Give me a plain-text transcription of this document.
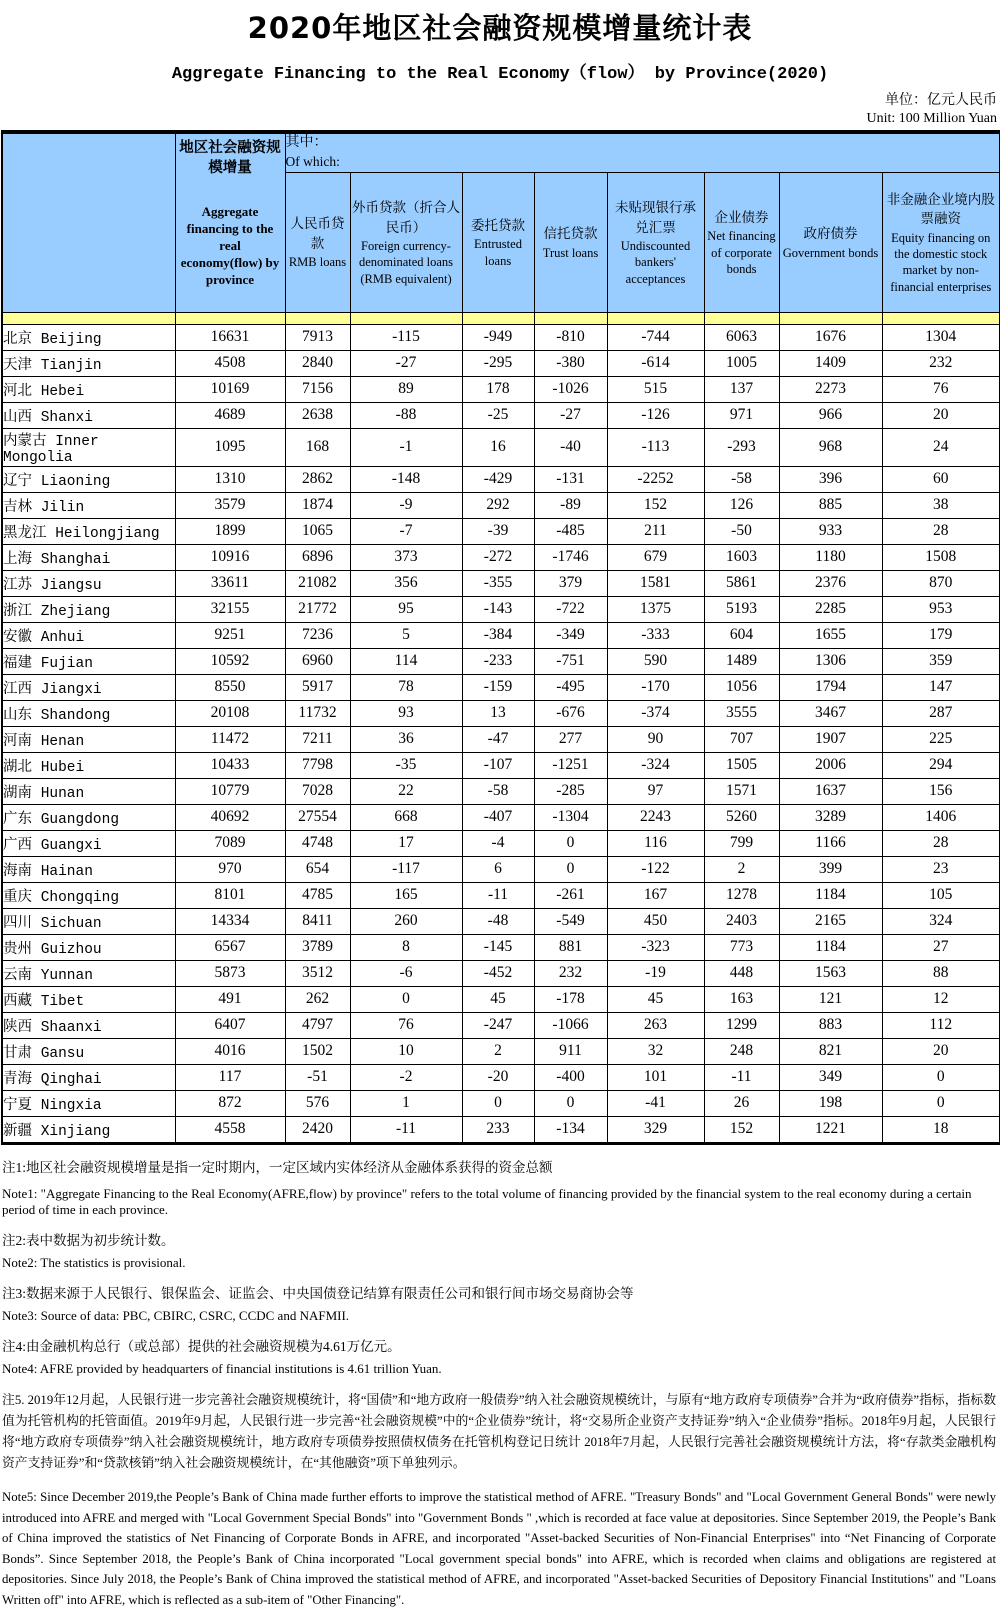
2020年地区社会融资规模增量统计表
Aggregate Financing to the Real Economy（flow） by Province(2020)
单位：亿元人民币
Unit: 100 Million Yuan

地区社会融资规模增量
Aggregate financing to the real economy(flow) by province

其中：
Of which:

人民币贷款
RMB loans

外币贷款（折合人民币）
Foreign currency-denominated loans (RMB equivalent)

委托贷款
Entrusted loans

信托贷款
Trust loans

未贴现银行承兑汇票
Undiscounted bankers' acceptances

企业债券
Net financing of corporate bonds

政府债券
Government bonds

非金融企业境内股票融资
Equity financing on the domestic stock market by non-financial enterprises

北京 Beijing	16631	7913	-115	-949	-810	-744	6063	1676	1304
天津 Tianjin	4508	2840	-27	-295	-380	-614	1005	1409	232
河北 Hebei	10169	7156	89	178	-1026	515	137	2273	76
山西 Shanxi	4689	2638	-88	-25	-27	-126	971	966	20
内蒙古 Inner Mongolia	1095	168	-1	16	-40	-113	-293	968	24
辽宁 Liaoning	1310	2862	-148	-429	-131	-2252	-58	396	60
吉林 Jilin	3579	1874	-9	292	-89	152	126	885	38
黑龙江 Heilongjiang	1899	1065	-7	-39	-485	211	-50	933	28
上海 Shanghai	10916	6896	373	-272	-1746	679	1603	1180	1508
江苏 Jiangsu	33611	21082	356	-355	379	1581	5861	2376	870
浙江 Zhejiang	32155	21772	95	-143	-722	1375	5193	2285	953
安徽 Anhui	9251	7236	5	-384	-349	-333	604	1655	179
福建 Fujian	10592	6960	114	-233	-751	590	1489	1306	359
江西 Jiangxi	8550	5917	78	-159	-495	-170	1056	1794	147
山东 Shandong	20108	11732	93	13	-676	-374	3555	3467	287
河南 Henan	11472	7211	36	-47	277	90	707	1907	225
湖北 Hubei	10433	7798	-35	-107	-1251	-324	1505	2006	294
湖南 Hunan	10779	7028	22	-58	-285	97	1571	1637	156
广东 Guangdong	40692	27554	668	-407	-1304	2243	5260	3289	1406
广西 Guangxi	7089	4748	17	-4	0	116	799	1166	28
海南 Hainan	970	654	-117	6	0	-122	2	399	23
重庆 Chongqing	8101	4785	165	-11	-261	167	1278	1184	105
四川 Sichuan	14334	8411	260	-48	-549	450	2403	2165	324
贵州 Guizhou	6567	3789	8	-145	881	-323	773	1184	27
云南 Yunnan	5873	3512	-6	-452	232	-19	448	1563	88
西藏 Tibet	491	262	0	45	-178	45	163	121	12
陕西 Shaanxi	6407	4797	76	-247	-1066	263	1299	883	112
甘肃 Gansu	4016	1502	10	2	911	32	248	821	20
青海 Qinghai	117	-51	-2	-20	-400	101	-11	349	0
宁夏 Ningxia	872	576	1	0	0	-41	26	198	0
新疆 Xinjiang	4558	2420	-11	233	-134	329	152	1221	18

注1:地区社会融资规模增量是指一定时期内，一定区域内实体经济从金融体系获得的资金总额

Note1: "Aggregate Financing to the Real Economy(AFRE,flow) by province" refers to the total volume of financing provided by the financial system to the real economy during a certain period of time in each province.

注2:表中数据为初步统计数。

Note2: The statistics is provisional.

注3:数据来源于人民银行、银保监会、证监会、中央国债登记结算有限责任公司和银行间市场交易商协会等

Note3: Source of data: PBC, CBIRC, CSRC, CCDC and NAFMII.

注4:由金融机构总行（或总部）提供的社会融资规模为4.61万亿元。

Note4: AFRE provided by headquarters of financial institutions is 4.61 trillion Yuan.

注5. 2019年12月起，人民银行进一步完善社会融资规模统计，将“国债”和“地方政府一般债券”纳入社会融资规模统计，与原有“地方政府专项债券”合并为“政府债券”指标，指标数值为托管机构的托管面值。2019年9月起，人民银行进一步完善“社会融资规模”中的“企业债券”统计，将“交易所企业资产支持证券”纳入“企业债券”指标。2018年9月起，人民银行将“地方政府专项债券”纳入社会融资规模统计，地方政府专项债券按照债权债务在托管机构登记日统计 2018年7月起，人民银行完善社会融资规模统计方法，将“存款类金融机构资产支持证券”和“贷款核销”纳入社会融资规模统计，在“其他融资”项下单独列示。

Note5: Since December 2019,the People’s Bank of China made further efforts to improve the statistical method of AFRE. "Treasury Bonds" and "Local Government General Bonds" were newly introduced into AFRE and merged with "Local Government Special Bonds" into "Government Bonds " ,which is recorded at face value at depositories. Since September 2019, the People’s Bank of China improved the statistics of Net Financing of Corporate Bonds in AFRE, and incorporated "Asset-backed Securities of Non-Financial Enterprises" into “Net Financing of Corporate Bonds”. Since September 2018, the People’s Bank of China incorporated "Local government special bonds" into AFRE, which is recorded when claims and obligations are registered at depositories. Since July 2018, the People’s Bank of China improved the statistical method of AFRE, and incorporated "Asset-backed Securities of Depository Financial Institutions" and "Loans Written off" into AFRE, which is reflected as a sub-item of "Other Financing".
